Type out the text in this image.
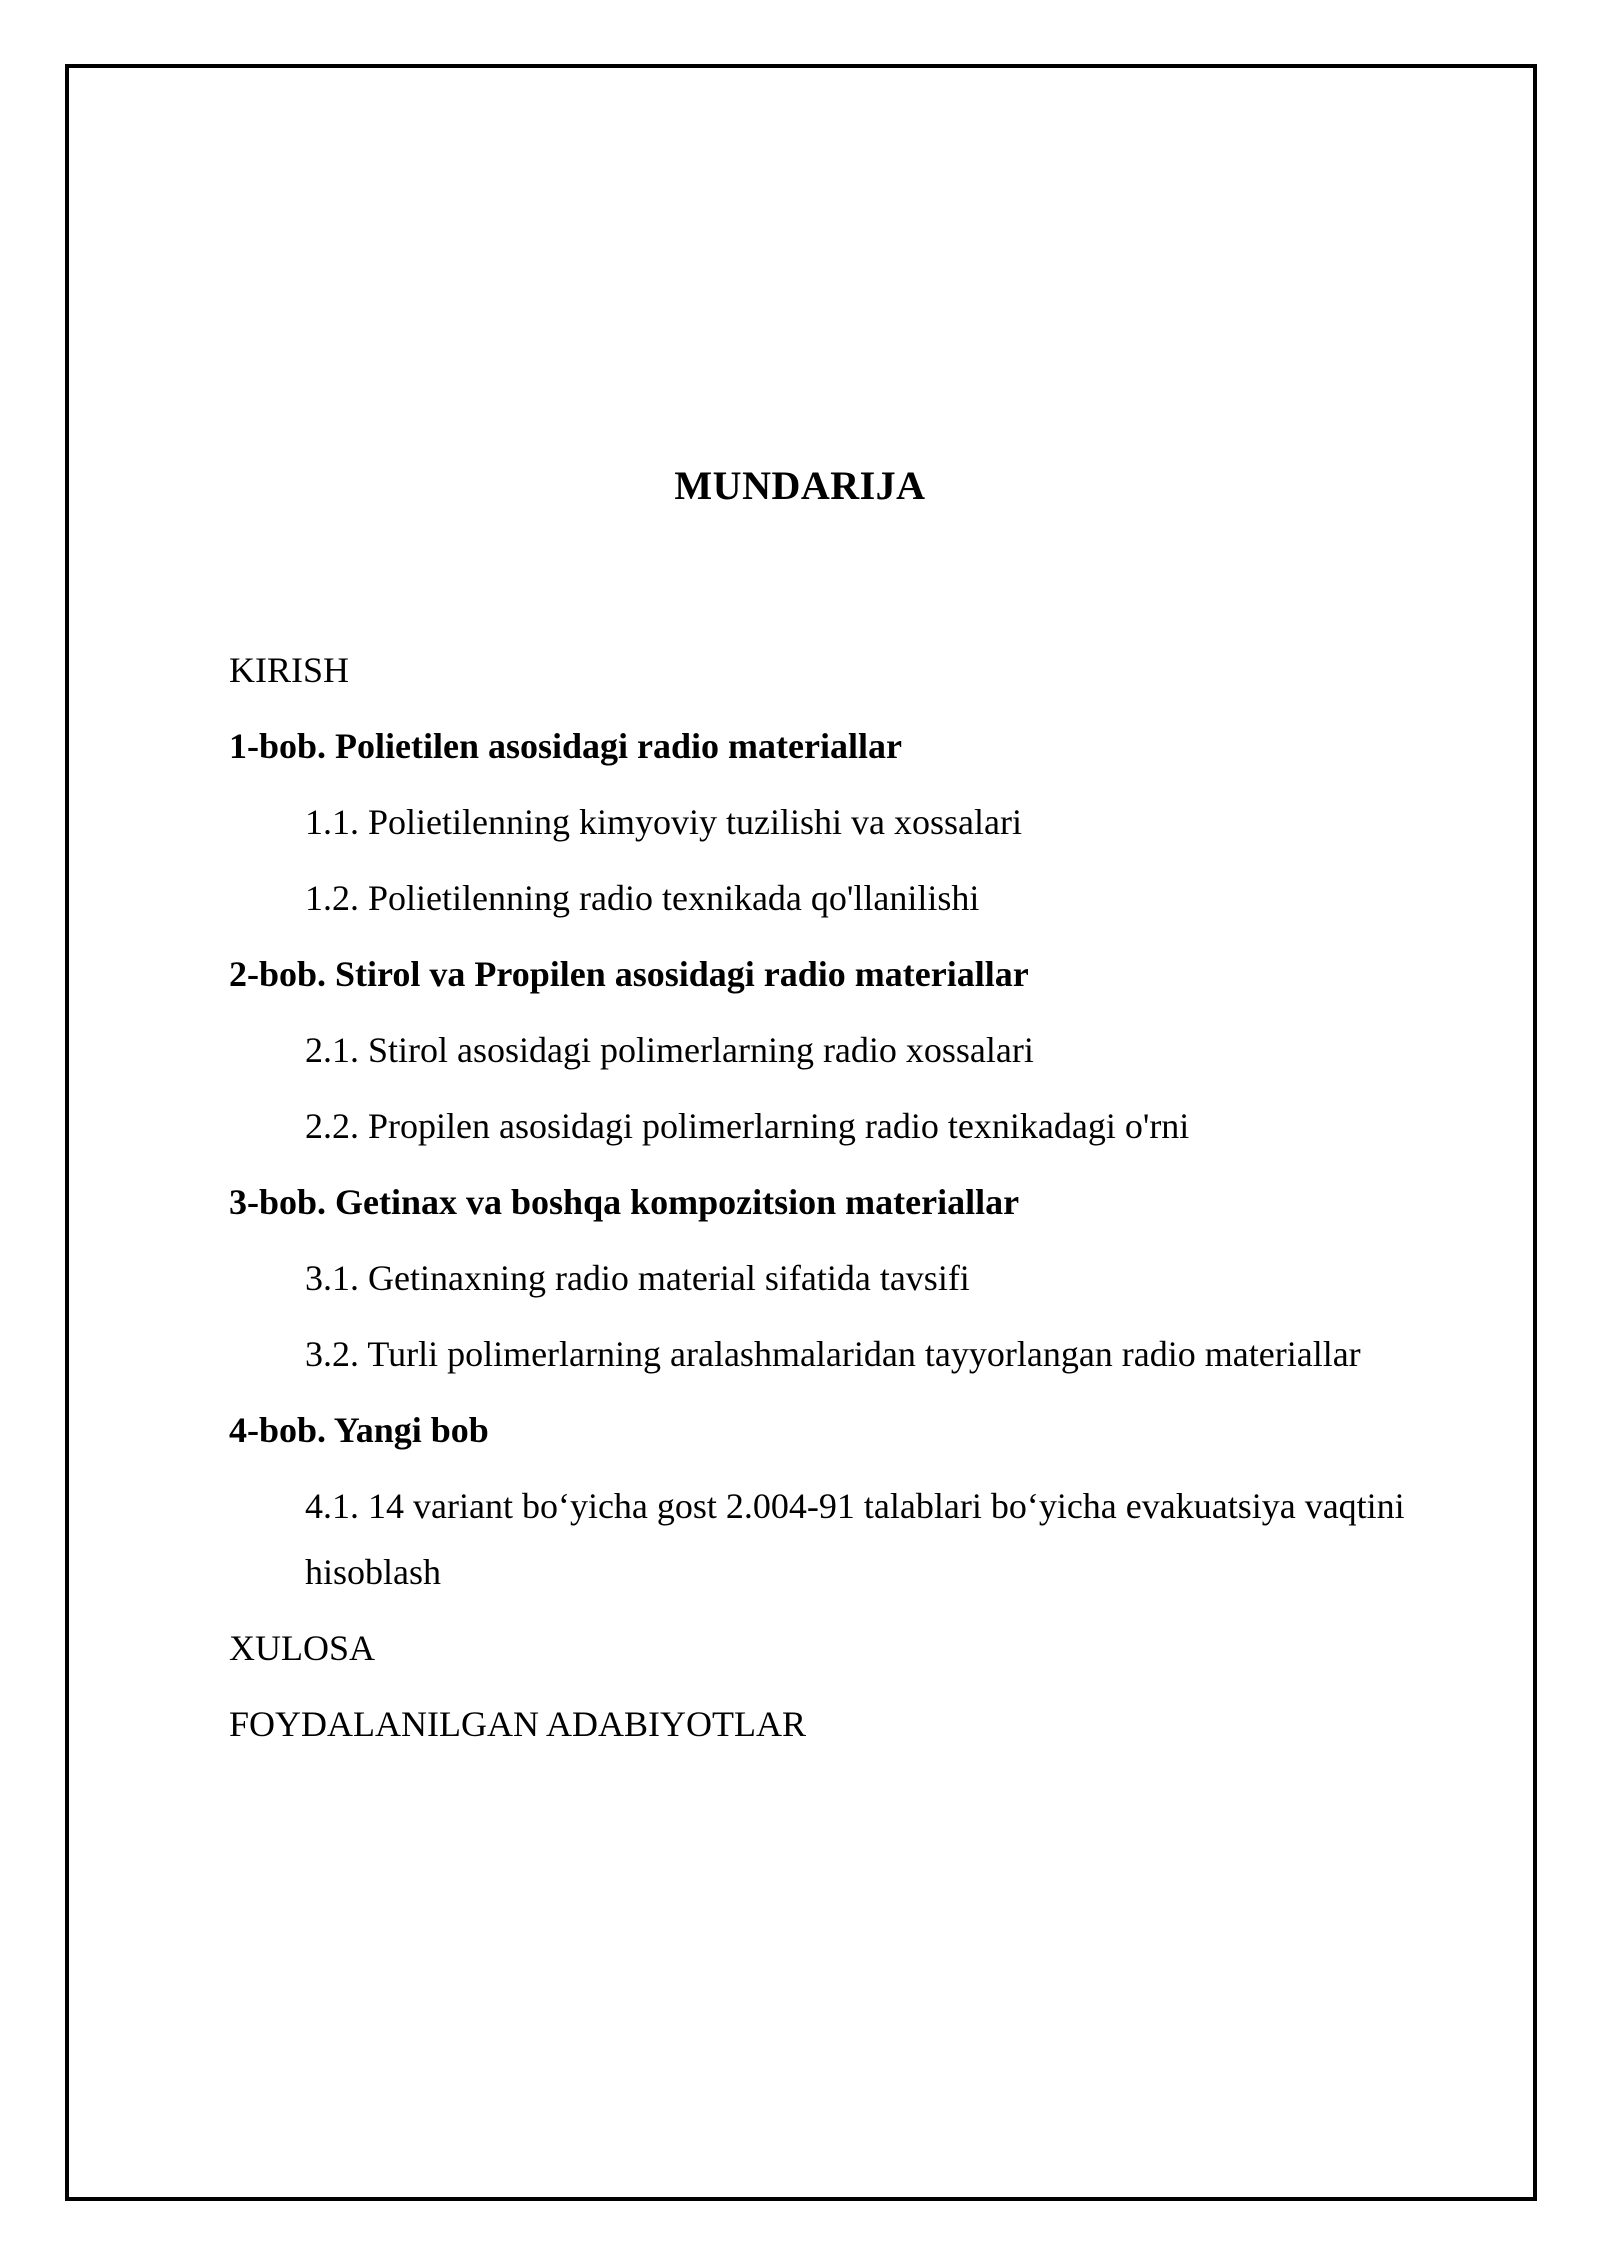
MUNDARIJA
KIRISH
1-bob. Polietilen asosidagi radio materiallar
1.1. Polietilenning kimyoviy tuzilishi va xossalari
1.2. Polietilenning radio texnikada qo'llanilishi
2-bob. Stirol va Propilen asosidagi radio materiallar
2.1. Stirol asosidagi polimerlarning radio xossalari
2.2. Propilen asosidagi polimerlarning radio texnikadagi o'rni
3-bob. Getinax va boshqa kompozitsion materiallar
3.1. Getinaxning radio material sifatida tavsifi
3.2. Turli polimerlarning aralashmalaridan tayyorlangan radio materiallar
4-bob. Yangi bob
4.1. 14 variant bo‘yicha gost 2.004-91 talablari bo‘yicha evakuatsiya vaqtini hisoblash
XULOSA
FOYDALANILGAN ADABIYOTLAR
